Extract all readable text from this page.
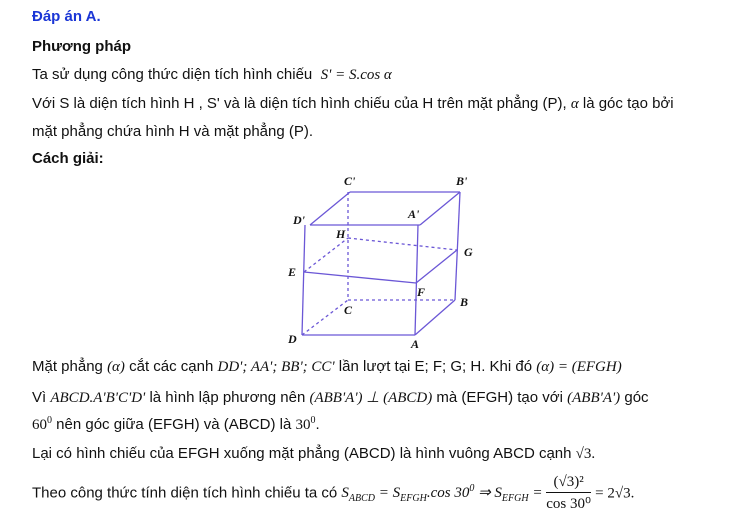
Đáp án A.
Phương pháp
Ta sử dụng công thức diện tích hình chiếu S' = S.cos α
Với S là diện tích hình H , S' và là diện tích hình chiếu của H trên mặt phẳng (P), α là góc tạo bởi
mặt phẳng chứa hình H và mặt phẳng (P).
Cách giải:
C'	B'
D'	A'
H
G
E
F
C
B
D	A
Mặt phẳng (α) cắt các cạnh DD'; AA'; BB'; CC' lần lượt tại E; F; G; H. Khi đó (α) = (EFGH)
Vì ABCD.A'B'C'D' là hình lập phương nên (ABB'A') ⊥ (ABCD) mà (EFGH) tạo với (ABB'A') góc
$60^0$ nên góc giữa (EFGH) và (ABCD) là $30^0$.
Lại có hình chiếu của EFGH xuống mặt phẳng (ABCD) là hình vuông ABCD cạnh √3.
Theo công thức tính diện tích hình chiếu ta có $S_{ABCD} = S_{EFGH}.\cos$ $30^0$ ⇒ $S_{EFGH} = \frac{\text{(√3)²}}{\text{cos 30⁰}} = 2√3$.
